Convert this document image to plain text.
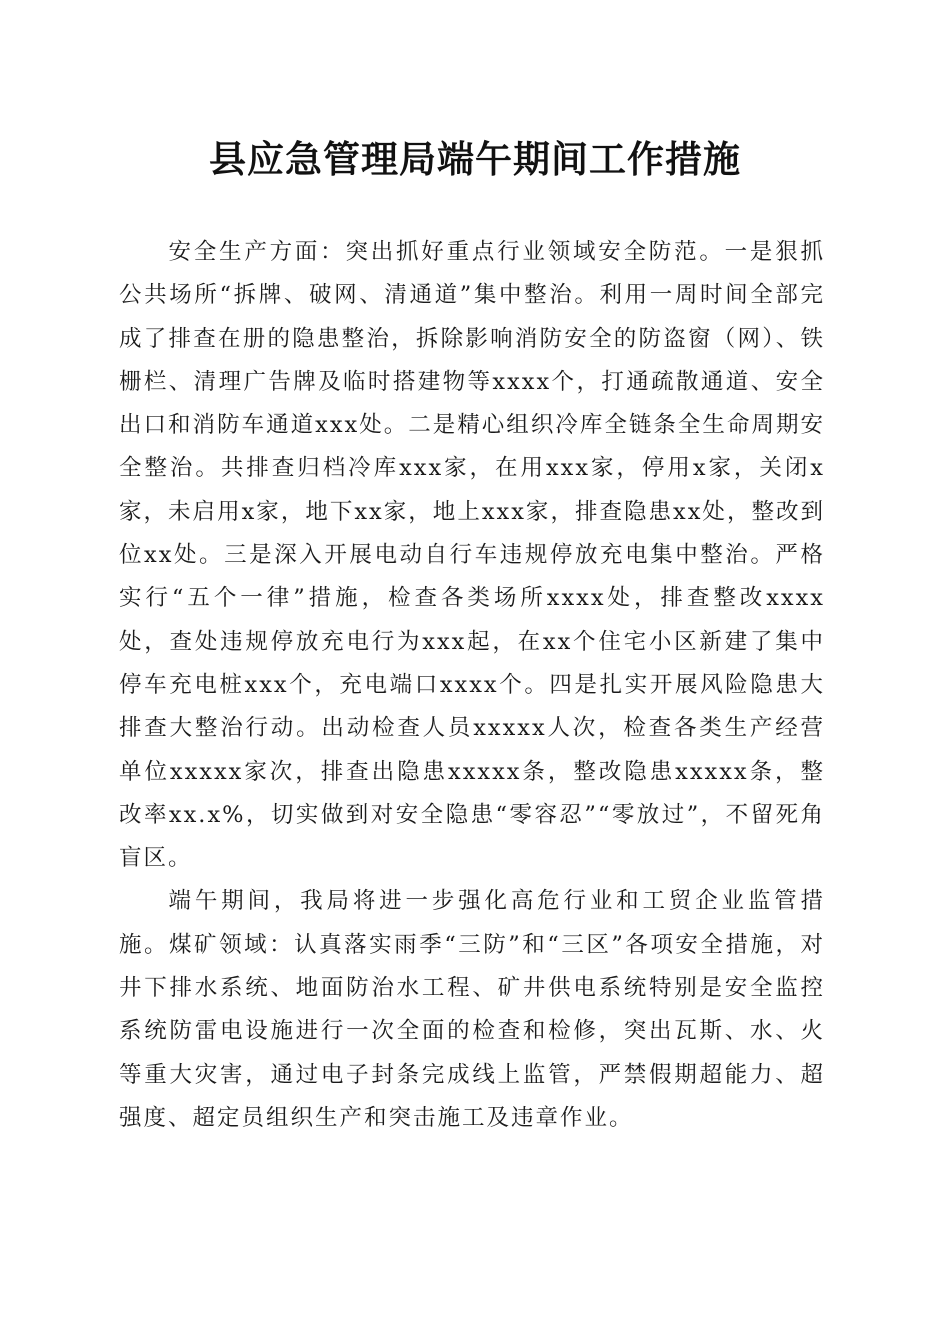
县应急管理局端午期间工作措施

安全生产方面：突出抓好重点行业领域安全防范。一是狠抓公共场所“拆牌、破网、清通道”集中整治。利用一周时间全部完成了排查在册的隐患整治，拆除影响消防安全的防盗窗（网）、铁栅栏、清理广告牌及临时搭建物等xxxx个，打通疏散通道、安全出口和消防车通道xxx处。二是精心组织冷库全链条全生命周期安全整治。共排查归档冷库xxx家，在用xxx家，停用x家，关闭x家，未启用x家，地下xx家，地上xxx家，排查隐患xx处，整改到位xx处。三是深入开展电动自行车违规停放充电集中整治。严格实行“五个一律”措施，检查各类场所xxxx处，排查整改xxxx处，查处违规停放充电行为xxx起，在xx个住宅小区新建了集中停车充电桩xxx个，充电端口xxxx个。四是扎实开展风险隐患大排查大整治行动。出动检查人员xxxxx人次，检查各类生产经营单位xxxxx家次，排查出隐患xxxxx条，整改隐患xxxxx条，整改率xx.x%，切实做到对安全隐患“零容忍”“零放过”，不留死角盲区。

端午期间，我局将进一步强化高危行业和工贸企业监管措施。煤矿领域：认真落实雨季“三防”和“三区”各项安全措施，对井下排水系统、地面防治水工程、矿井供电系统特别是安全监控系统防雷电设施进行一次全面的检查和检修，突出瓦斯、水、火等重大灾害，通过电子封条完成线上监管，严禁假期超能力、超强度、超定员组织生产和突击施工及违章作业。
